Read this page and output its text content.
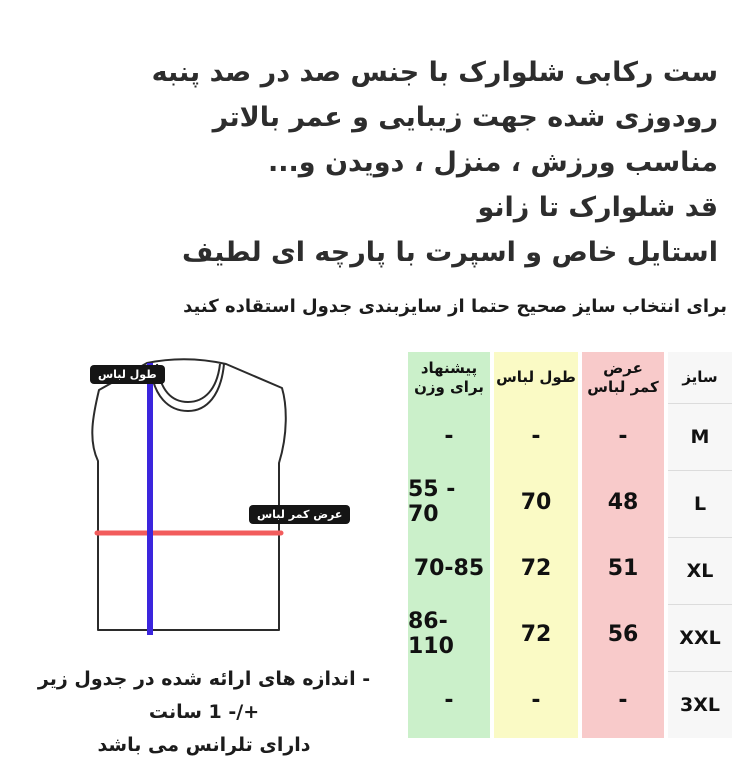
ست رکابی شلوارک با جنس صد در صد پنبه
رودوزی شده جهت زیبایی و عمر بالاتر
مناسب ورزش ، منزل ، دویدن و...
قد شلوارک تا زانو
استایل خاص و اسپرت با پارچه ای لطیف
برای انتخاب سایز صحیح حتما از سایزبندی جدول استقاده کنید
طول لباس
عرض کمر لباس
پیشنهاد
برای وزن
-
55 - 70
70-85
86-110
-
طول لباس
-
70
72
72
-
عرض
کمر لباس
-
48
51
56
-
سایز
M
L
XL
XXL
3XL
- اندازه های ارائه شده در جدول زیر +/- 1 سانت
دارای تلرانس می باشد
